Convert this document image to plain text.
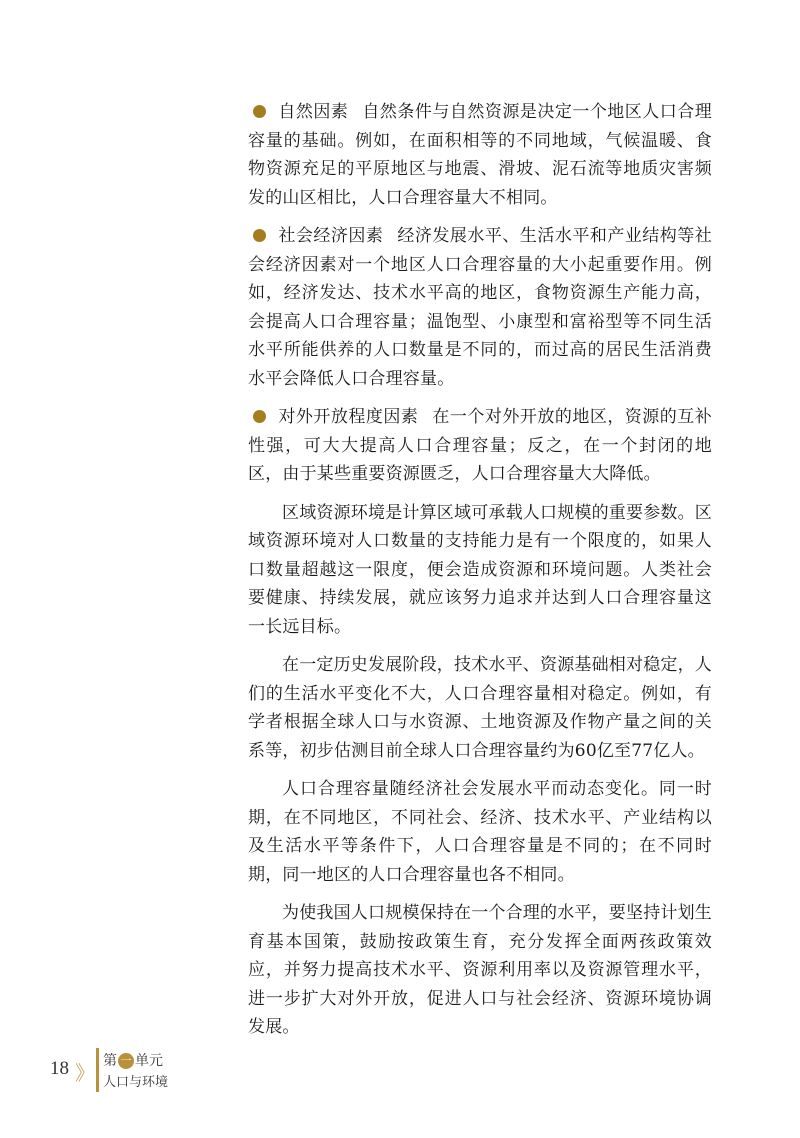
自然因素 自然条件与自然资源是决定一个地区人口合理容量的基础。例如，在面积相等的不同地域，气候温暖、食物资源充足的平原地区与地震、滑坡、泥石流等地质灾害频发的山区相比，人口合理容量大不相同。

社会经济因素 经济发展水平、生活水平和产业结构等社会经济因素对一个地区人口合理容量的大小起重要作用。例如，经济发达、技术水平高的地区，食物资源生产能力高，会提高人口合理容量；温饱型、小康型和富裕型等不同生活水平所能供养的人口数量是不同的，而过高的居民生活消费水平会降低人口合理容量。

对外开放程度因素 在一个对外开放的地区，资源的互补性强，可大大提高人口合理容量；反之，在一个封闭的地区，由于某些重要资源匮乏，人口合理容量大大降低。

区域资源环境是计算区域可承载人口规模的重要参数。区域资源环境对人口数量的支持能力是有一个限度的，如果人口数量超越这一限度，便会造成资源和环境问题。人类社会要健康、持续发展，就应该努力追求并达到人口合理容量这一长远目标。

在一定历史发展阶段，技术水平、资源基础相对稳定，人们的生活水平变化不大，人口合理容量相对稳定。例如，有学者根据全球人口与水资源、土地资源及作物产量之间的关系等，初步估测目前全球人口合理容量约为60亿至77亿人。

人口合理容量随经济社会发展水平而动态变化。同一时期，在不同地区，不同社会、经济、技术水平、产业结构以及生活水平等条件下，人口合理容量是不同的；在不同时期，同一地区的人口合理容量也各不相同。

为使我国人口规模保持在一个合理的水平，要坚持计划生育基本国策，鼓励按政策生育，充分发挥全面两孩政策效应，并努力提高技术水平、资源利用率以及资源管理水平，进一步扩大对外开放，促进人口与社会经济、资源环境协调发展。

18 》 第 一 单元
人口与环境
